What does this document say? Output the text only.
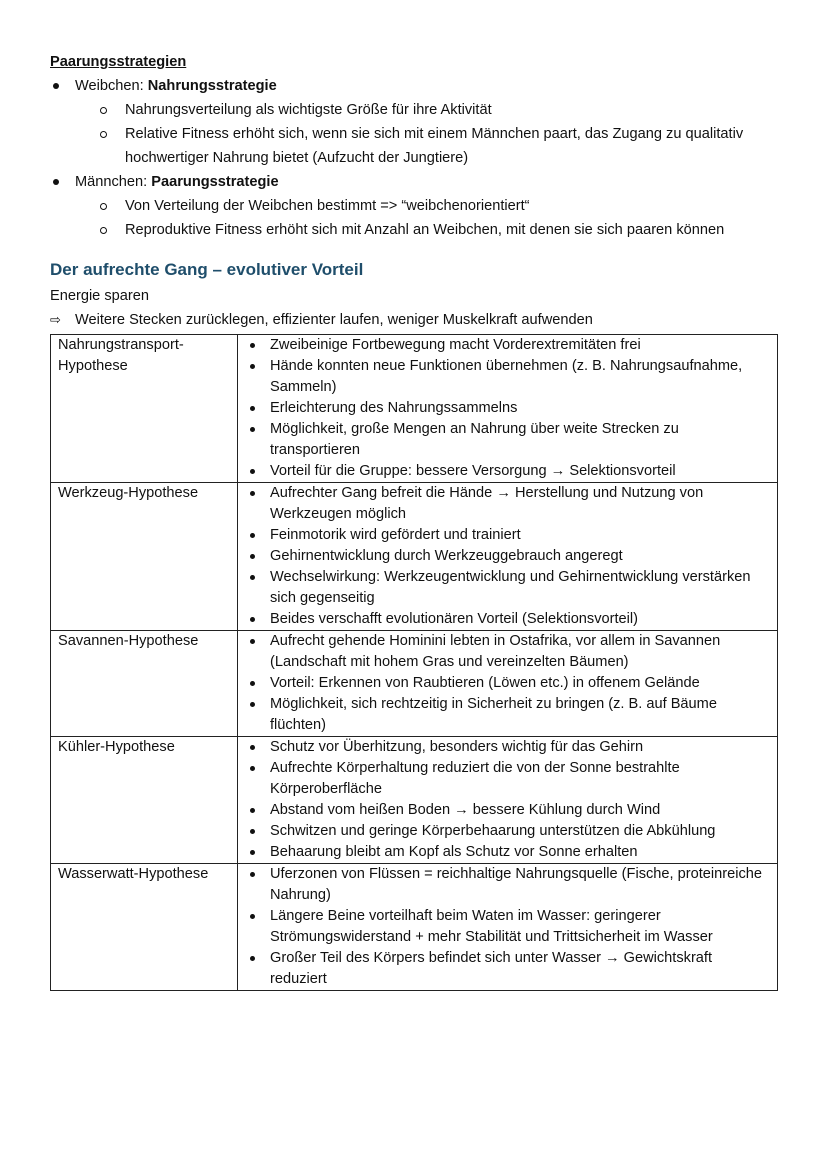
Paarungsstrategien

Weibchen: Nahrungsstrategie
Nahrungsverteilung als wichtigste Größe für ihre Aktivität
Relative Fitness erhöht sich, wenn sie sich mit einem Männchen paart, das Zugang zu qualitativ hochwertiger Nahrung bietet (Aufzucht der Jungtiere)
Männchen: Paarungsstrategie
Von Verteilung der Weibchen bestimmt => “weibchenorientiert“
Reproduktive Fitness erhöht sich mit Anzahl an Weibchen, mit denen sie sich paaren können
Der aufrechte Gang – evolutiver Vorteil
Energie sparen
⇨ Weitere Stecken zurücklegen, effizienter laufen, weniger Muskelkraft aufwenden
Nahrungstransport-Hypothese	
Zweibeinige Fortbewegung macht Vorderextremitäten frei
Hände konnten neue Funktionen übernehmen (z. B. Nahrungsaufnahme, Sammeln)
Erleichterung des Nahrungssammelns
Möglichkeit, große Mengen an Nahrung über weite Strecken zu transportieren
Vorteil für die Gruppe: bessere Versorgung → Selektionsvorteil

Werkzeug-Hypothese	Aufrechter Gang befreit die Hände → Herstellung und Nutzung von Werkzeugen möglich
Feinmotorik wird gefördert und trainiert
Gehirnentwicklung durch Werkzeuggebrauch angeregt
Wechselwirkung: Werkzeugentwicklung und Gehirnentwicklung verstärken sich gegenseitig
Beides verschafft evolutionären Vorteil (Selektionsvorteil)

Savannen-Hypothese	Aufrecht gehende Hominini lebten in Ostafrika, vor allem in Savannen (Landschaft mit hohem Gras und vereinzelten Bäumen)
Vorteil: Erkennen von Raubtieren (Löwen etc.) in offenem Gelände
Möglichkeit, sich rechtzeitig in Sicherheit zu bringen (z. B. auf Bäume flüchten)

Kühler-Hypothese	Schutz vor Überhitzung, besonders wichtig für das Gehirn
Aufrechte Körperhaltung reduziert die von der Sonne bestrahlte Körperoberfläche
Abstand vom heißen Boden → bessere Kühlung durch Wind
Schwitzen und geringe Körperbehaarung unterstützen die Abkühlung
Behaarung bleibt am Kopf als Schutz vor Sonne erhalten

Wasserwatt-Hypothese	Uferzonen von Flüssen = reichhaltige Nahrungsquelle (Fische, proteinreiche Nahrung)
Längere Beine vorteilhaft beim Waten im Wasser: geringerer Strömungswiderstand + mehr Stabilität und Trittsicherheit im Wasser
Großer Teil des Körpers befindet sich unter Wasser → Gewichtskraft reduziert
